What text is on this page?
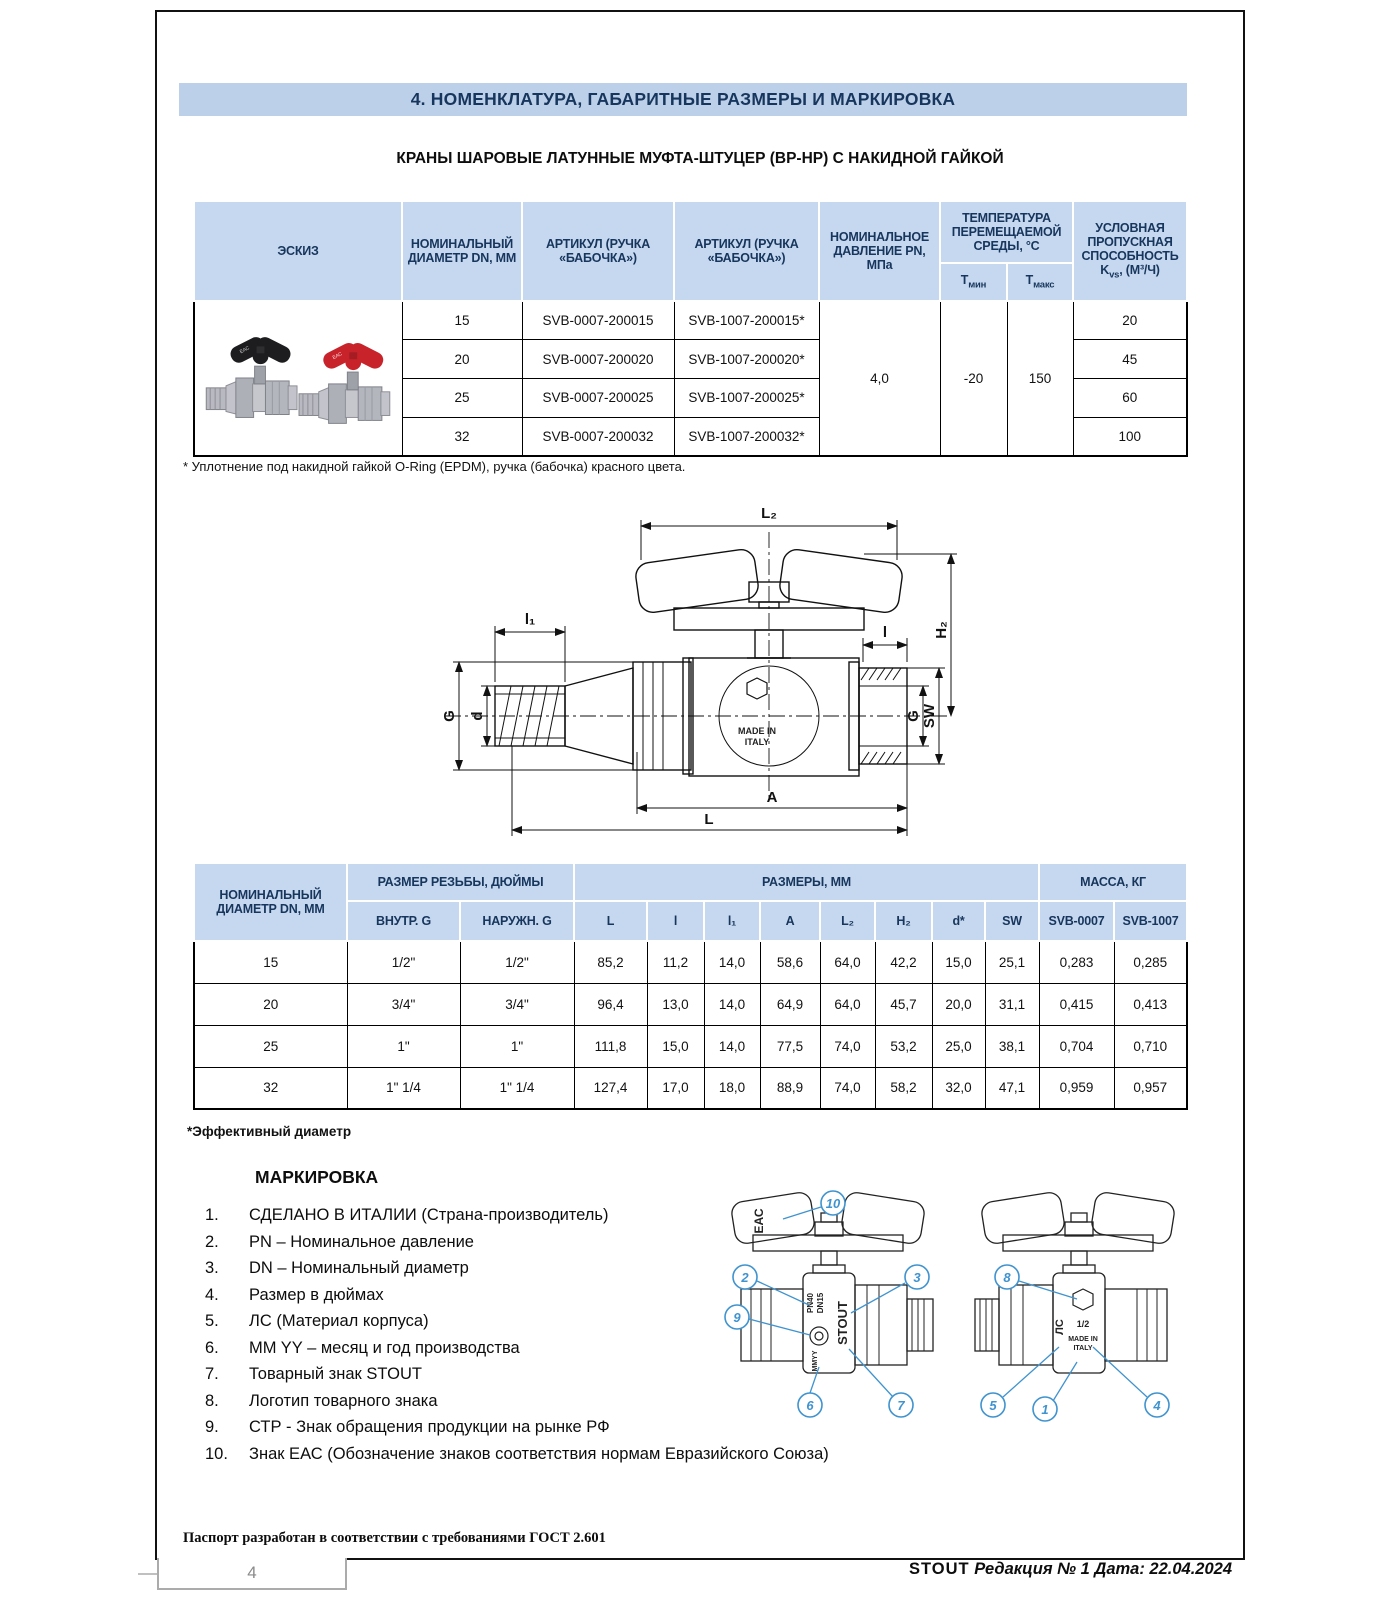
4. НОМЕНКЛАТУРА, ГАБАРИТНЫЕ РАЗМЕРЫ И МАРКИРОВКА
КРАНЫ ШАРОВЫЕ ЛАТУННЫЕ МУФТА-ШТУЦЕР (ВР-НР) С НАКИДНОЙ ГАЙКОЙ
ЭСКИЗ	НОМИНАЛЬНЫЙ ДИАМЕТР DN, ММ	АРТИКУЛ (РУЧКА «БАБОЧКА»)	АРТИКУЛ (РУЧКА «БАБОЧКА»)	НОМИНАЛЬНОЕ ДАВЛЕНИЕ PN, МПа	ТЕМПЕРАТУРА ПЕРЕМЕЩАЕМОЙ СРЕДЫ, °С		УСЛОВНАЯ ПРОПУСКНАЯ СПОСОБНОСТЬ $K_{vs}$, (М³/Ч)
					$Т_{мин}$	$Т_{макс}$

ЕАС
ЕАС	15	SVB-0007-200015	SVB-1007-200015*	4,0	-20	150	20
	20	SVB-0007-200020	SVB-1007-200020*				45
	25	SVB-0007-200025	SVB-1007-200025*				60
	32	SVB-0007-200032	SVB-1007-200032*				100
* Уплотнение под накидной гайкой O-Ring (EPDM), ручка (бабочка) красного цвета.
MADE IN
ITALY
L₂
l₁
l	H₂
SW
G
G d
A
L
НОМИНАЛЬНЫЙ ДИАМЕТР DN, ММ	РАЗМЕР РЕЗЬБЫ, ДЮЙМЫ		РАЗМЕРЫ, ММ								МАССА, КГ	
	ВНУТР. G	НАРУЖН. G	L	l	l₁	A	L₂	H₂	d*	SW	SVB-0007	SVB-1007
15	1/2"	1/2"	85,2	11,2	14,0	58,6	64,0	42,2	15,0	25,1	0,283	0,285
20	3/4"	3/4"	96,4	13,0	14,0	64,9	64,0	45,7	20,0	31,1	0,415	0,413
25	1"	1"	111,8	15,0	14,0	77,5	74,0	53,2	25,0	38,1	0,704	0,710
32	1" 1/4	1" 1/4	127,4	17,0	18,0	88,9	74,0	58,2	32,0	47,1	0,959	0,957
*Эффективный диаметр
МАРКИРОВКА
1. СДЕЛАНО В ИТАЛИИ (Страна-производитель)
2. PN – Номинальное давление
3. DN – Номинальный диаметр
4. Размер в дюймах
5. ЛС (Материал корпуса)
6. MM YY – месяц и год производства
7. Товарный знак STOUT
8. Логотип товарного знака
9. СТР - Знак обращения продукции на рынке РФ
10. Знак ЕАС (Обозначение знаков соответствия нормам Евразийского Союза)
ЕАС
PN40 DN15 STOUT
MMYY
ЛС 1/2
MADE IN
ITALY
10
2	3
9
6	7
8
5	1	4
Паспорт разработан в соответствии с требованиями ГОСТ 2.601
4	STOUT Редакция № 1 Дата: 22.04.2024
